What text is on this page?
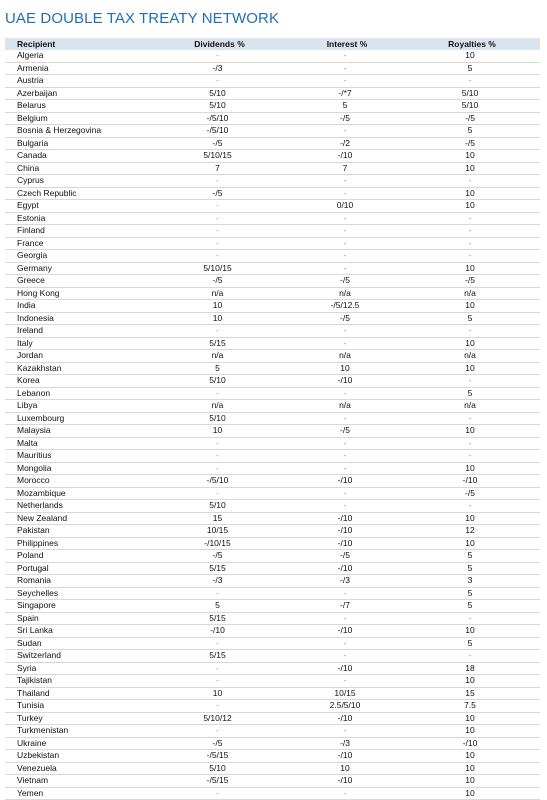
UAE DOUBLE TAX TREATY NETWORK
Recipient	Dividends %	Interest %	Royalties %
Algeria	-	-	10
Armenia	-/3	-	5
Austria	-	-	-
Azerbaijan	5/10	-/*7	5/10
Belarus	5/10	5	5/10
Belgium	-/5/10	-/5	-/5
Bosnia & Herzegovina	-/5/10	-	5
Bulgaria	-/5	-/2	-/5
Canada	5/10/15	-/10	10
China	7	7	10
Cyprus	-	-	-
Czech Republic	-/5	-	10
Egypt	-	0/10	10
Estonia	-	-	-
Finland	-	-	-
France	-	-	-
Georgia	-	-	-
Germany	5/10/15	-	10
Greece	-/5	-/5	-/5
Hong Kong	n/a	n/a	n/a
India	10	-/5/12.5	10
Indonesia	10	-/5	5
Ireland	-	-	-
Italy	5/15	-	10
Jordan	n/a	n/a	n/a
Kazakhstan	5	10	10
Korea	5/10	-/10	-
Lebanon	-	-	5
Libya	n/a	n/a	n/a
Luxembourg	5/10	-	-
Malaysia	10	-/5	10
Malta	-	-	-
Mauritius	-	-	-
Mongolia	-	-	10
Morocco	-/5/10	-/10	-/10
Mozambique	-	-	-/5
Netherlands	5/10	-	-
New Zealand	15	-/10	10
Pakistan	10/15	-/10	12
Philippines	-/10/15	-/10	10
Poland	-/5	-/5	5
Portugal	5/15	-/10	5
Romania	-/3	-/3	3
Seychelles	-	-	5
Singapore	5	-/7	5
Spain	5/15	-	-
Sri Lanka	-/10	-/10	10
Sudan	-	-	5
Switzerland	5/15	-	-
Syria	-	-/10	18
Tajikistan	-	-	10
Thailand	10	10/15	15
Tunisia	-	2.5/5/10	7.5
Turkey	5/10/12	-/10	10
Turkmenistan	-	-	10
Ukraine	-/5	-/3	-/10
Uzbekistan	-/5/15	-/10	10
Venezuela	5/10	10	10
Vietnam	-/5/15	-/10	10
Yemen	-	-	10
